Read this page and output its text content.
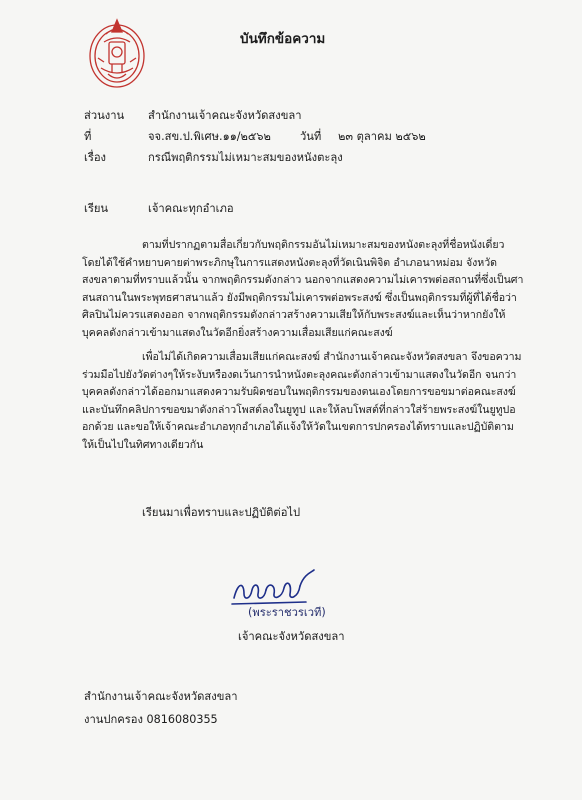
บันทึกข้อความ
ส่วนงาน สำนักงานเจ้าคณะจังหวัดสงขลา
ที่	จจ.สข.ป.พิเศษ.๑๑/๒๕๖๒	วันที่ ๒๓ ตุลาคม ๒๕๖๒
เรื่อง	กรณีพฤติกรรมไม่เหมาะสมของหนังตะลุง
เรียน	เจ้าคณะทุกอำเภอ
ตามที่ปรากฏตามสื่อเกี่ยวกับพฤติกรรมอันไม่เหมาะสมของหนังตะลุงที่ชื่อหนังเดี่ยว
โดยได้ใช้คำหยาบคายต่าพระภิกษุในการแสดงหนังตะลุงที่วัดเนินพิจิต อำเภอนาหม่อม จังหวัด
สงขลาตามที่ทราบแล้วนั้น จากพฤติกรรมดังกล่าว นอกจากแสดงความไม่เคารพต่อสถานที่ซึ่งเป็นศา
สนสถานในพระพุทธศาสนาแล้ว ยังมีพฤติกรรมไม่เคารพต่อพระสงฆ์ ซึ่งเป็นพฤติกรรมที่ผู้ที่ได้ชื่อว่า
ศิลปินไม่ควรแสดงออก จากพฤติกรรมดังกล่าวสร้างความเสียให้กับพระสงฆ์และเห็นว่าหากยังให้
บุคคลดังกล่าวเข้ามาแสดงในวัดอีกยิ่งสร้างความเสื่อมเสียแก่คณะสงฆ์
เพื่อไม่ได้เกิดความเสื่อมเสียแก่คณะสงฆ์ สำนักงานเจ้าคณะจังหวัดสงขลา จึงขอความ
ร่วมมือไปยังวัดต่างๆให้ระงับหรืองดเว้นการนำหนังตะลุงคณะดังกล่าวเข้ามาแสดงในวัดอีก จนกว่า
บุคคลดังกล่าวได้ออกมาแสดงความรับผิดชอบในพฤติกรรมของตนเองโดยการขอขมาต่อคณะสงฆ์
และบันทึกคลิปการขอขมาดังกล่าวโพสต์ลงในยูทูป และให้ลบโพสต์ที่กล่าวใส่ร้ายพระสงฆ์ในยูทูปอ
อกด้วย และขอให้เจ้าคณะอำเภอทุกอำเภอได้แจ้งให้วัดในเขตการปกครองได้ทราบและปฏิบัติตาม
ให้เป็นไปในทิศทางเดียวกัน
เรียนมาเพื่อทราบและปฏิบัติต่อไป
(พระราชวรเวที)
เจ้าคณะจังหวัดสงขลา
สำนักงานเจ้าคณะจังหวัดสงขลา
งานปกครอง 0816080355
